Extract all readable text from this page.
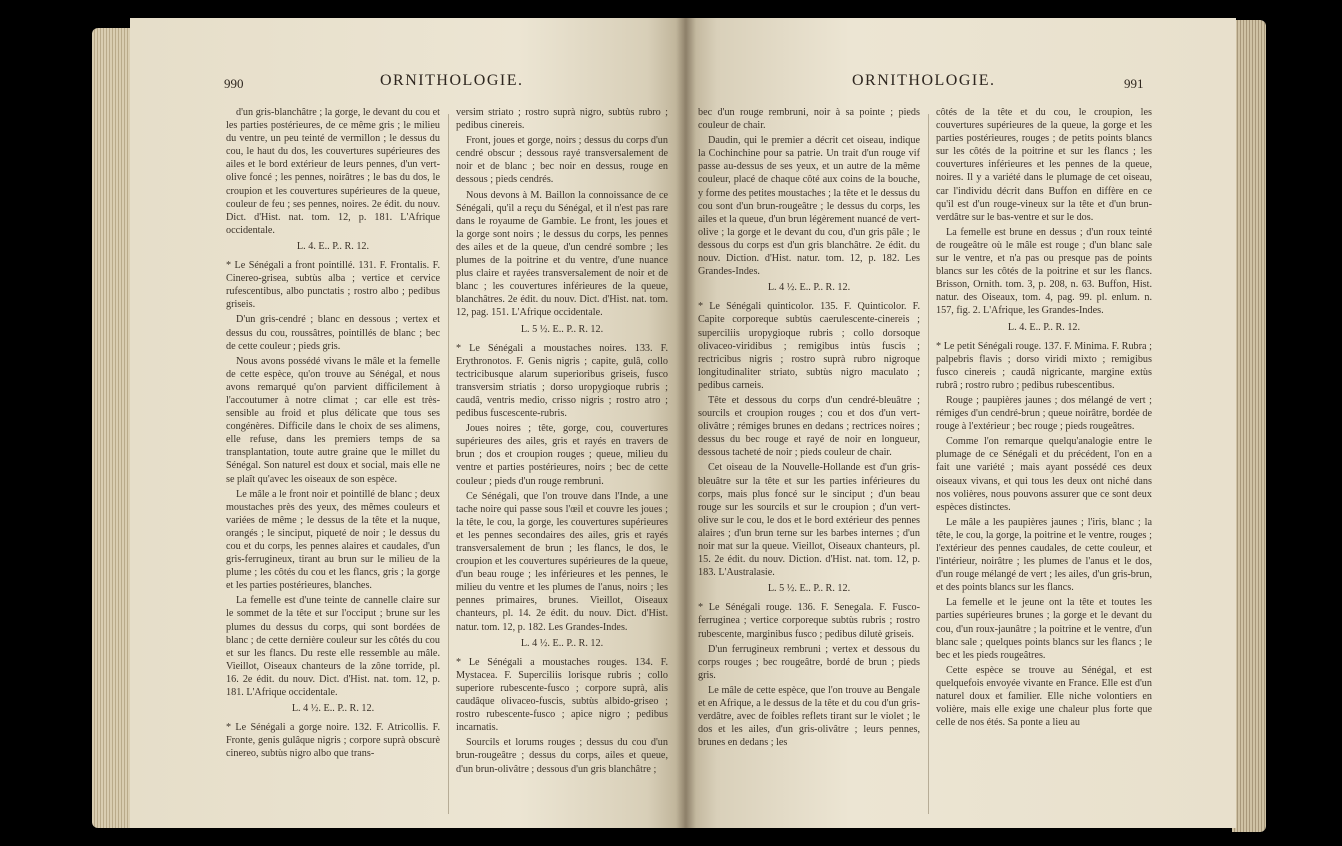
990	ORNITHOLOGIE.

d'un gris-blanchâtre ; la gorge, le devant du cou et les parties postérieures, de ce même gris ; le milieu du ventre, un peu teinté de vermillon ; le dessus du cou, le haut du dos, les couvertures supérieures des ailes et le bord extérieur de leurs pennes, d'un vert-olive foncé ; les pennes, noirâtres ; le bas du dos, le croupion et les couvertures supérieures de la queue, couleur de feu ; ses pennes, noires. 2e édit. du nouv. Dict. d'Hist. nat. tom. 12, p. 181. L'Afrique occidentale.

L. 4. E.. P.. R. 12.

* Le Sénégali a front pointillé. 131. F. Frontalis. F. Cinereo-grisea, subtùs alba ; vertice et cervice rufescentibus, albo punctatis ; rostro albo ; pedibus griseis.

D'un gris-cendré ; blanc en dessous ; vertex et dessus du cou, roussâtres, pointillés de blanc ; bec de cette couleur ; pieds gris.

Nous avons possédé vivans le mâle et la femelle de cette espèce, qu'on trouve au Sénégal, et nous avons remarqué qu'on parvient difficilement à l'accoutumer à notre climat ; car elle est très-sensible au froid et plus délicate que tous ses congénères. Difficile dans le choix de ses alimens, elle refuse, dans les premiers temps de sa transplantation, toute autre graine que le millet du Sénégal. Son naturel est doux et social, mais elle ne se plaît qu'avec les oiseaux de son espèce.

Le mâle a le front noir et pointillé de blanc ; deux moustaches près des yeux, des mêmes couleurs et variées de même ; le dessus de la tête et la nuque, orangés ; le sinciput, piqueté de noir ; le dessus du cou et du corps, les pennes alaires et caudales, d'un gris-ferrugineux, tirant au brun sur le milieu de la plume ; les côtés du cou et les flancs, gris ; la gorge et les parties postérieures, blanches.

La femelle est d'une teinte de cannelle claire sur le sommet de la tête et sur l'occiput ; brune sur les plumes du dessus du corps, qui sont bordées de blanc ; de cette dernière couleur sur les côtés du cou et sur les flancs. Du reste elle ressemble au mâle. Vieillot, Oiseaux chanteurs de la zône torride, pl. 16. 2e édit. du nouv. Dict. d'Hist. nat. tom. 12, p. 181. L'Afrique occidentale.

L. 4 ½. E.. P.. R. 12.

* Le Sénégali a gorge noire. 132. F. Atricollis. F. Fronte, genis gulâque nigris ; corpore suprà obscurè cinereo, subtùs nigro albo que trans-

versim striato ; rostro suprà nigro, subtùs rubro ; pedibus cinereis.

Front, joues et gorge, noirs ; dessus du corps d'un cendré obscur ; dessous rayé transversalement de noir et de blanc ; bec noir en dessus, rouge en dessous ; pieds cendrés.

Nous devons à M. Baillon la connoissance de ce Sénégali, qu'il a reçu du Sénégal, et il n'est pas rare dans le royaume de Gambie. Le front, les joues et la gorge sont noirs ; le dessus du corps, les pennes des ailes et de la queue, d'un cendré sombre ; les plumes de la poitrine et du ventre, d'une nuance plus claire et rayées transversalement de noir et de blanc ; les couvertures inférieures de la queue, blanchâtres. 2e édit. du nouv. Dict. d'Hist. nat. tom. 12, pag. 151. L'Afrique occidentale.

L. 5 ½. E.. P.. R. 12.

* Le Sénégali a moustaches noires. 133. F. Erythronotos. F. Genis nigris ; capite, gulâ, collo tectricibusque alarum superioribus griseis, fusco transversim striatis ; dorso uropygioque rubris ; caudâ, ventris medio, crisso nigris ; rostro atro ; pedibus fuscescente-rubris.

Joues noires ; tête, gorge, cou, couvertures supérieures des ailes, gris et rayés en travers de brun ; dos et croupion rouges ; queue, milieu du ventre et parties postérieures, noirs ; bec de cette couleur ; pieds d'un rouge rembruni.

Ce Sénégali, que l'on trouve dans l'Inde, a une tache noire qui passe sous l'œil et couvre les joues ; la tête, le cou, la gorge, les couvertures supérieures et les pennes secondaires des ailes, gris et rayés transversalement de brun ; les flancs, le dos, le croupion et les couvertures supérieures de la queue, d'un beau rouge ; les inférieures et les pennes, le milieu du ventre et les plumes de l'anus, noirs ; les pennes primaires, brunes. Vieillot, Oiseaux chanteurs, pl. 14. 2e édit. du nouv. Dict. d'Hist. natur. tom. 12, p. 182. Les Grandes-Indes.

L. 4 ½. E.. P.. R. 12.

* Le Sénégali a moustaches rouges. 134. F. Mystacea. F. Superciliis lorisque rubris ; collo superiore rubescente-fusco ; corpore suprà, alis caudâque olivaceo-fuscis, subtùs albido-griseo ; rostro rubescente-fusco ; apice nigro ; pedibus incarnatis.

Sourcils et lorums rouges ; dessus du cou d'un brun-rougeâtre ; dessus du corps, ailes et queue, d'un brun-olivâtre ; dessous d'un gris blanchâtre ;

ORNITHOLOGIE.	991

bec d'un rouge rembruni, noir à sa pointe ; pieds couleur de chair.

Daudin, qui le premier a décrit cet oiseau, indique la Cochinchine pour sa patrie. Un trait d'un rouge vif passe au-dessus de ses yeux, et un autre de la même couleur, placé de chaque côté aux coins de la bouche, y forme des petites moustaches ; la tête et le dessus du cou sont d'un brun-rougeâtre ; le dessus du corps, les ailes et la queue, d'un brun légèrement nuancé de vert-olive ; la gorge et le devant du cou, d'un gris pâle ; le dessous du corps est d'un gris blanchâtre. 2e édit. du nouv. Diction. d'Hist. natur. tom. 12, p. 182. Les Grandes-Indes.

L. 4 ½. E.. P.. R. 12.

* Le Sénégali quinticolor. 135. F. Quinticolor. F. Capite corporeque subtùs caerulescente-cinereis ; superciliis uropygioque rubris ; collo dorsoque olivaceo-viridibus ; remigibus intùs fuscis ; rectricibus nigris ; rostro suprà rubro nigroque longitudinaliter striato, subtùs nigro maculato ; pedibus carneis.

Tête et dessous du corps d'un cendré-bleuâtre ; sourcils et croupion rouges ; cou et dos d'un vert-olivâtre ; rémiges brunes en dedans ; rectrices noires ; dessus du bec rouge et rayé de noir en longueur, dessous tacheté de noir ; pieds couleur de chair.

Cet oiseau de la Nouvelle-Hollande est d'un gris-bleuâtre sur la tête et sur les parties inférieures du corps, mais plus foncé sur le sinciput ; d'un beau rouge sur les sourcils et sur le croupion ; d'un vert-olive sur le cou, le dos et le bord extérieur des pennes alaires ; d'un brun terne sur les barbes internes ; d'un noir mat sur la queue. Vieillot, Oiseaux chanteurs, pl. 15. 2e édit. du nouv. Diction. d'Hist. nat. tom. 12, p. 183. L'Australasie.

L. 5 ½. E.. P.. R. 12.

* Le Sénégali rouge. 136. F. Senegala. F. Fusco-ferruginea ; vertice corporeque subtùs rubris ; rostro rubescente, marginibus fusco ; pedibus dilutè griseis.

D'un ferrugineux rembruni ; vertex et dessous du corps rouges ; bec rougeâtre, bordé de brun ; pieds gris.

Le mâle de cette espèce, que l'on trouve au Bengale et en Afrique, a le dessus de la tête et du cou d'un gris-verdâtre, avec de foibles reflets tirant sur le violet ; le dos et les ailes, d'un gris-olivâtre ; leurs pennes, brunes en dedans ; les

côtés de la tête et du cou, le croupion, les couvertures supérieures de la queue, la gorge et les parties postérieures, rouges ; de petits points blancs sur les côtés de la poitrine et sur les flancs ; les couvertures inférieures et les pennes de la queue, noires. Il y a variété dans le plumage de cet oiseau, car l'individu décrit dans Buffon en diffère en ce qu'il est d'un rouge-vineux sur la tête et d'un brun-verdâtre sur le bas-ventre et sur le dos.

La femelle est brune en dessus ; d'un roux teinté de rougeâtre où le mâle est rouge ; d'un blanc sale sur le ventre, et n'a pas ou presque pas de points blancs sur les côtés de la poitrine et sur les flancs. Brisson, Ornith. tom. 3, p. 208, n. 63. Buffon, Hist. natur. des Oiseaux, tom. 4, pag. 99. pl. enlum. n. 157, fig. 2. L'Afrique, les Grandes-Indes.

L. 4. E.. P.. R. 12.

* Le petit Sénégali rouge. 137. F. Minima. F. Rubra ; palpebris flavis ; dorso viridi mixto ; remigibus fusco cinereis ; caudâ nigricante, margine extùs rubrâ ; rostro rubro ; pedibus rubescentibus.

Rouge ; paupières jaunes ; dos mélangé de vert ; rémiges d'un cendré-brun ; queue noirâtre, bordée de rouge à l'extérieur ; bec rouge ; pieds rougeâtres.

Comme l'on remarque quelqu'analogie entre le plumage de ce Sénégali et du précédent, l'on en a fait une variété ; mais ayant possédé ces deux oiseaux vivans, et qui tous les deux ont niché dans nos volières, nous pouvons assurer que ce sont deux espèces distinctes.

Le mâle a les paupières jaunes ; l'iris, blanc ; la tête, le cou, la gorge, la poitrine et le ventre, rouges ; l'extérieur des pennes caudales, de cette couleur, et l'intérieur, noirâtre ; les plumes de l'anus et le dos, d'un rouge mélangé de vert ; les ailes, d'un gris-brun, et des points blancs sur les flancs.

La femelle et le jeune ont la tête et toutes les parties supérieures brunes ; la gorge et le devant du cou, d'un roux-jaunâtre ; la poitrine et le ventre, d'un blanc sale ; quelques points blancs sur les flancs ; le bec et les pieds rougeâtres.

Cette espèce se trouve au Sénégal, et est quelquefois envoyée vivante en France. Elle est d'un naturel doux et familier. Elle niche volontiers en volière, mais elle exige une chaleur plus forte que celle de nos étés. Sa ponte a lieu au
